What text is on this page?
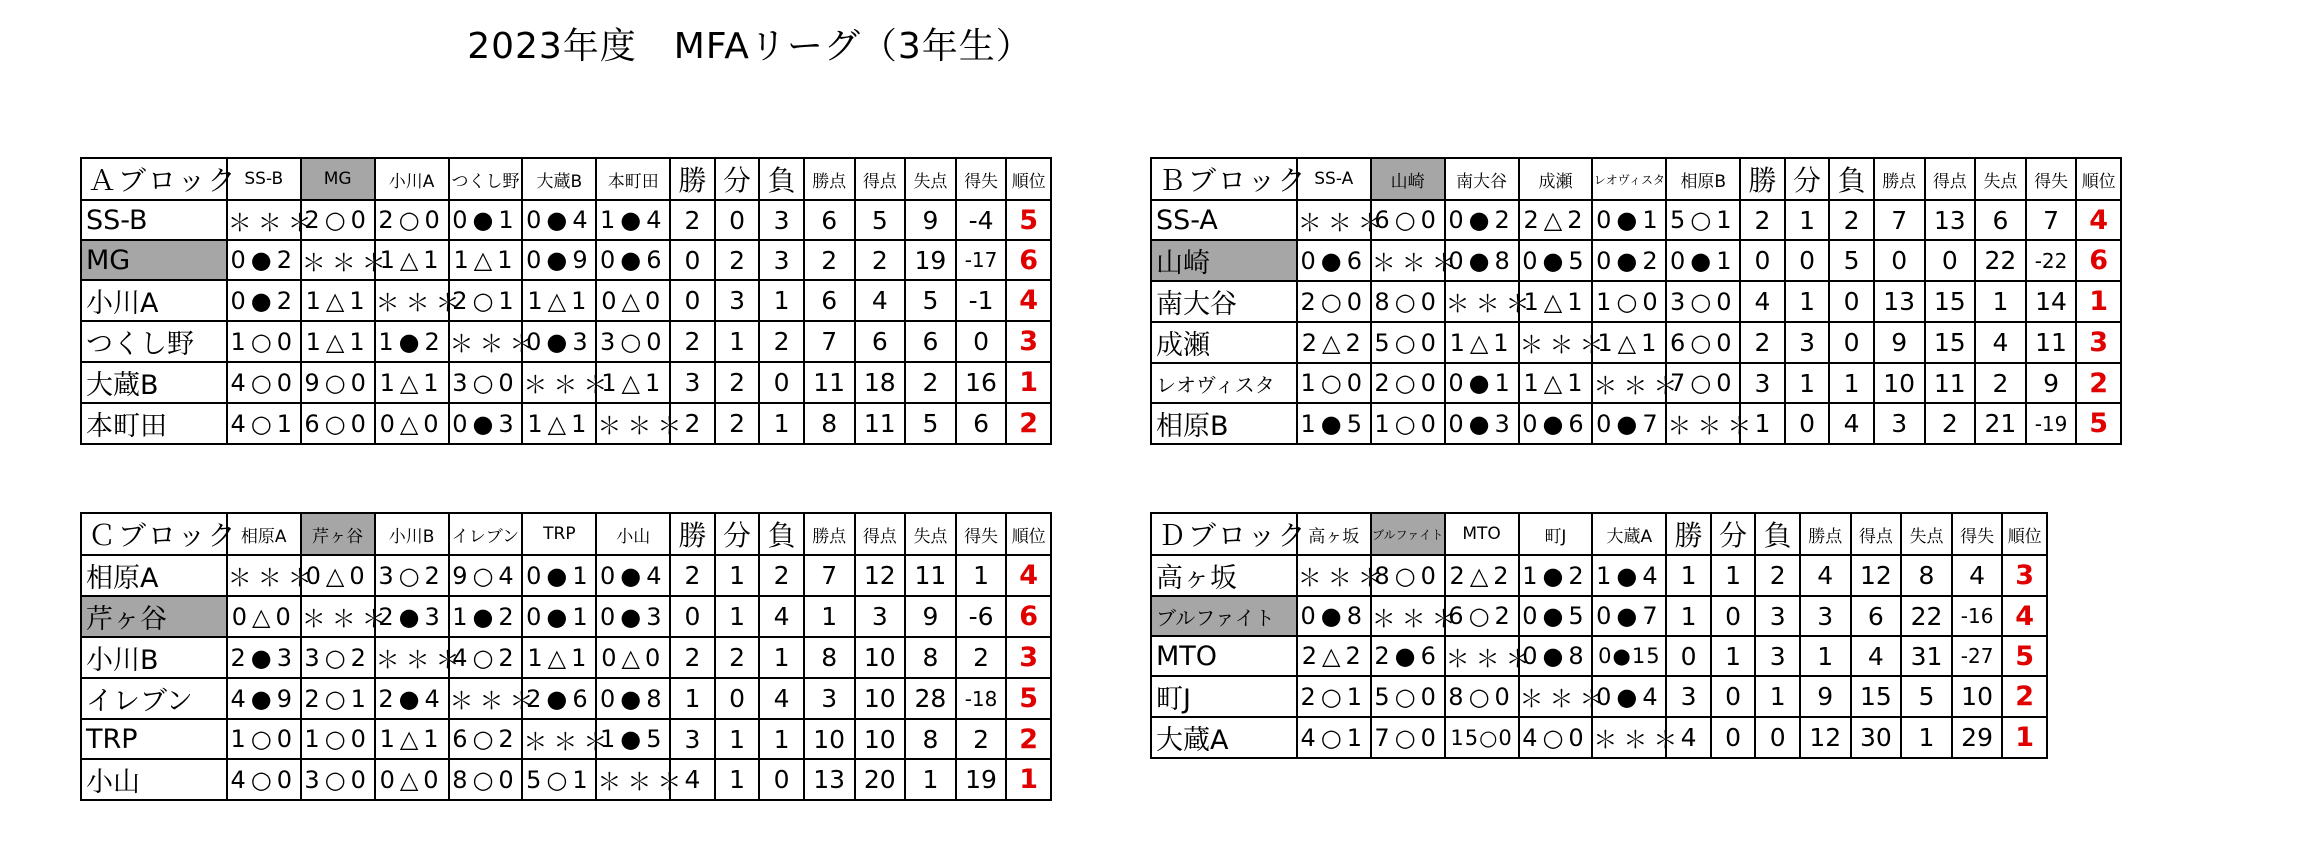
2023年度　MFAリーグ（3年生）
Ａブロック	SS-B	MG	小川A	つくし野	大蔵B	本町田	勝	分	負	勝点	得点	失点	得失	順位
SS-B	＊＊＊	2○0	2○0	0●1	0●4	1●4	2	0	3	6	5	9	-4	5
MG	0●2	＊＊＊	1△1	1△1	0●9	0●6	0	2	3	2	2	19	-17	6
小川A	0●2	1△1	＊＊＊	2○1	1△1	0△0	0	3	1	6	4	5	-1	4
つくし野	1○0	1△1	1●2	＊＊＊	0●3	3○0	2	1	2	7	6	6	0	3
大蔵B	4○0	9○0	1△1	3○0	＊＊＊	1△1	3	2	0	11	18	2	16	1
本町田	4○1	6○0	0△0	0●3	1△1	＊＊＊	2	2	1	8	11	5	6	2
Ｂブロック	SS-A	山崎	南大谷	成瀬	レオヴィスタ	相原B	勝	分	負	勝点	得点	失点	得失	順位
SS-A	＊＊＊	6○0	0●2	2△2	0●1	5○1	2	1	2	7	13	6	7	4
山崎	0●6	＊＊＊	0●8	0●5	0●2	0●1	0	0	5	0	0	22	-22	6
南大谷	2○0	8○0	＊＊＊	1△1	1○0	3○0	4	1	0	13	15	1	14	1
成瀬	2△2	5○0	1△1	＊＊＊	1△1	6○0	2	3	0	9	15	4	11	3
レオヴィスタ	1○0	2○0	0●1	1△1	＊＊＊	7○0	3	1	1	10	11	2	9	2
相原B	1●5	1○0	0●3	0●6	0●7	＊＊＊	1	0	4	3	2	21	-19	5
Ｃブロック	相原A	芹ヶ谷	小川B	イレブン	TRP	小山	勝	分	負	勝点	得点	失点	得失	順位
相原A	＊＊＊	0△0	3○2	9○4	0●1	0●4	2	1	2	7	12	11	1	4
芹ヶ谷	0△0	＊＊＊	2●3	1●2	0●1	0●3	0	1	4	1	3	9	-6	6
小川B	2●3	3○2	＊＊＊	4○2	1△1	0△0	2	2	1	8	10	8	2	3
イレブン	4●9	2○1	2●4	＊＊＊	2●6	0●8	1	0	4	3	10	28	-18	5
TRP	1○0	1○0	1△1	6○2	＊＊＊	1●5	3	1	1	10	10	8	2	2
小山	4○0	3○0	0△0	8○0	5○1	＊＊＊	4	1	0	13	20	1	19	1
Ｄブロック	高ヶ坂	ブルファイト	MTO	町J	大蔵A	勝	分	負	勝点	得点	失点	得失	順位
高ヶ坂	＊＊＊	8○0	2△2	1●2	1●4	1	1	2	4	12	8	4	3
ブルファイト	0●8	＊＊＊	6○2	0●5	0●7	1	0	3	3	6	22	-16	4
MTO	2△2	2●6	＊＊＊	0●8	0●15	0	1	3	1	4	31	-27	5
町J	2○1	5○0	8○0	＊＊＊	0●4	3	0	1	9	15	5	10	2
大蔵A	4○1	7○0	15○0	4○0	＊＊＊	4	0	0	12	30	1	29	1
